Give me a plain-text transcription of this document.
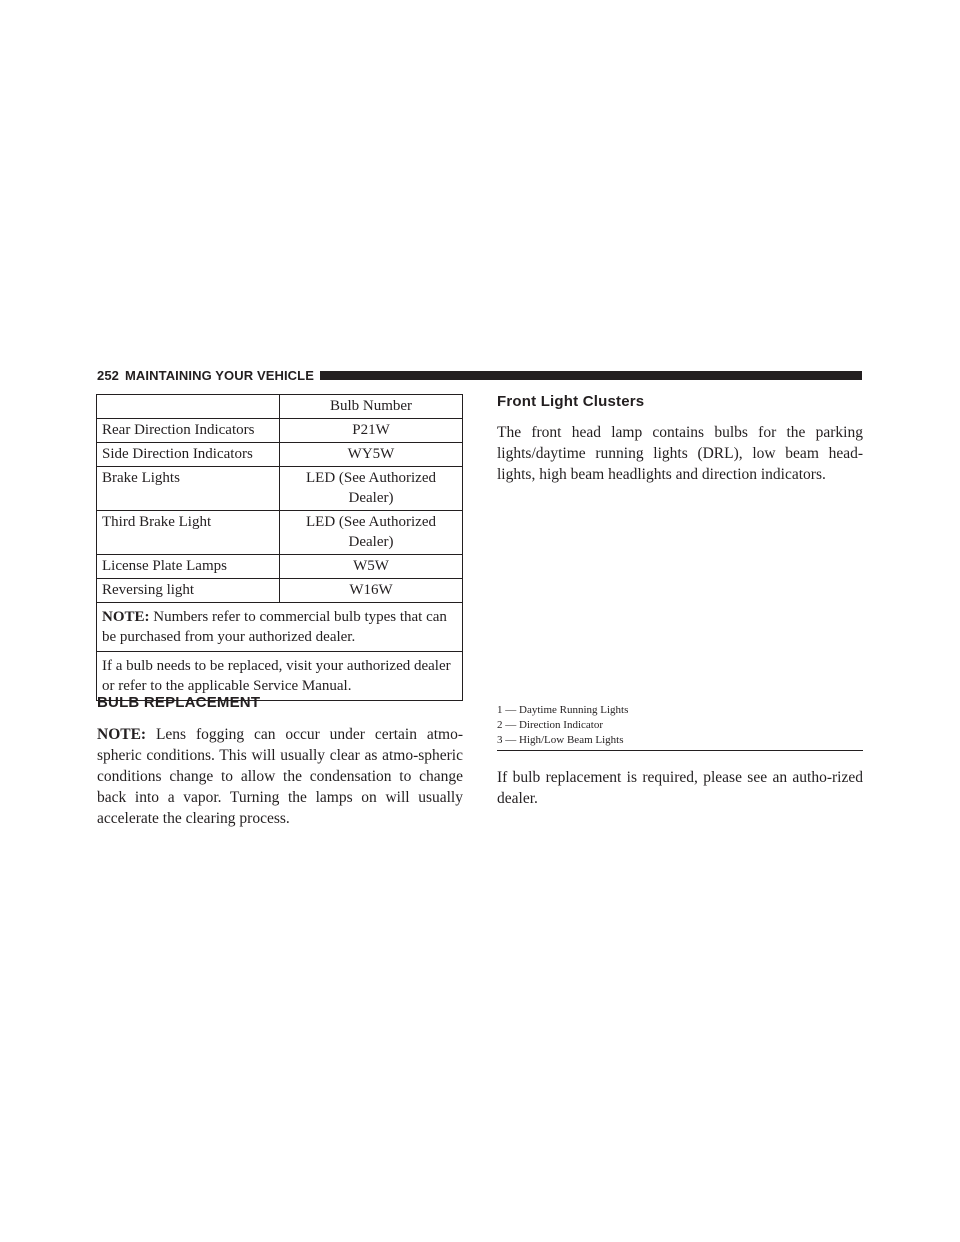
252 MAINTAINING YOUR VEHICLE
	Bulb Number
Rear Direction Indicators	P21W
Side Direction Indicators	WY5W
Brake Lights	LED (See Authorized Dealer)
Third Brake Light	LED (See Authorized Dealer)
License Plate Lamps	W5W
Reversing light	W16W
NOTE: Numbers refer to commercial bulb types that can be purchased from your authorized dealer.	
If a bulb needs to be replaced, visit your authorized dealer or refer to the applicable Service Manual.	
BULB REPLACEMENT

NOTE: Lens fogging can occur under certain atmo-spheric conditions. This will usually clear as atmo-spheric conditions change to allow the condensation to change back into a vapor. Turning the lamps on will usually accelerate the clearing process.

Front Light Clusters

The front head lamp contains bulbs for the parking lights/daytime running lights (DRL), low beam head-lights, high beam headlights and direction indicators.

1 — Daytime Running Lights
2 — Direction Indicator
3 — High/Low Beam Lights

If bulb replacement is required, please see an autho-rized dealer.
